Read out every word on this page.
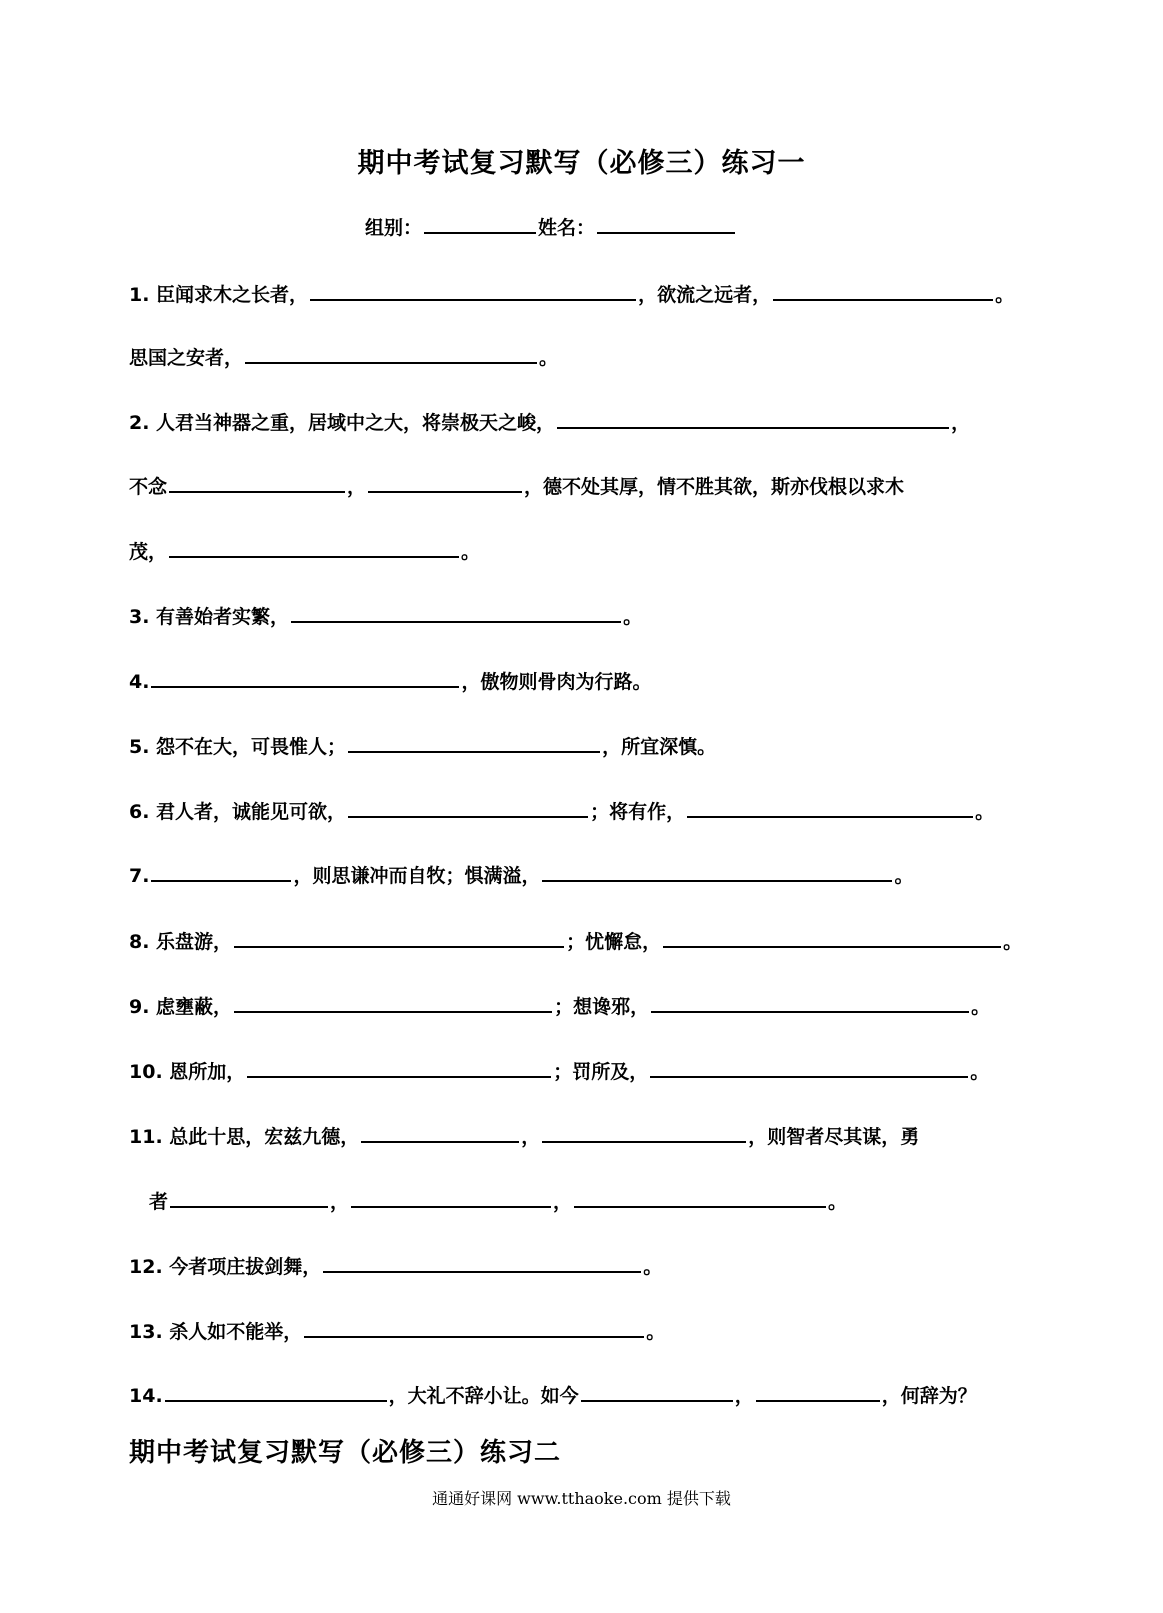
期中考试复习默写（必修三）练习一
组别：	姓名：
1. 臣闻求木之长者，	，欲流之远者，	。
思国之安者，	。
2. 人君当神器之重，居域中之大，将崇极天之峻，	，
不念	，	，德不处其厚，情不胜其欲，斯亦伐根以求木
茂，	。
3. 有善始者实繁，	。
4.	，傲物则骨肉为行路。
5. 怨不在大，可畏惟人；	，所宜深慎。
6. 君人者，诚能见可欲，	；将有作，	。
7.	，则思谦冲而自牧；惧满溢，	。
8. 乐盘游，	；忧懈怠，	。
9. 虑壅蔽，	；想谗邪，	。
10. 恩所加，	；罚所及，	。
11. 总此十思，宏兹九德，	，	，则智者尽其谋，勇
者	，	，	。
12. 今者项庄拔剑舞，	。
13. 杀人如不能举，	。
14.	，大礼不辞小让。如今	，	，何辞为？
期中考试复习默写（必修三）练习二
通通好课网 www.tthaoke.com 提供下载
